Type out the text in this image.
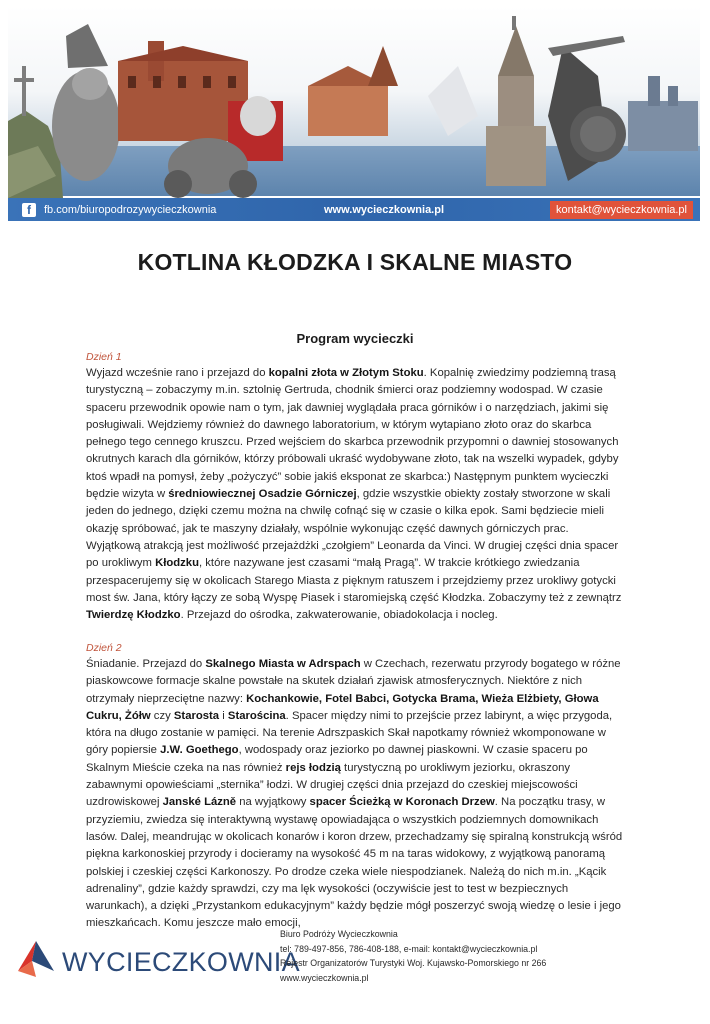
f	fb.com/biuropodrozywycieczkownia	www.wycieczkownia.pl	kontakt@wycieczkownia.pl
KOTLINA KŁODZKA I SKALNE MIASTO
Program wycieczki
Dzień 1

Wyjazd wcześnie rano i przejazd do kopalni złota w Złotym Stoku. Kopalnię zwiedzimy podziemną trasą turystyczną – zobaczymy m.in. sztolnię Gertruda, chodnik śmierci oraz podziemny wodospad. W czasie spaceru przewodnik opowie nam o tym, jak dawniej wyglądała praca górników i o narzędziach, jakimi się posługiwali. Wejdziemy również do dawnego laboratorium, w którym wytapiano złoto oraz do skarbca pełnego tego cennego kruszcu. Przed wejściem do skarbca przewodnik przypomni o dawniej stosowanych okrutnych karach dla górników, którzy próbowali ukraść wydobywane złoto, tak na wszelki wypadek, gdyby ktoś wpadł na pomysł, żeby „pożyczyć” sobie jakiś eksponat ze skarbca:) Następnym punktem wycieczki będzie wizyta w średniowiecznej Osadzie Górniczej, gdzie wszystkie obiekty zostały stworzone w skali jeden do jednego, dzięki czemu można na chwilę cofnąć się w czasie o kilka epok. Sami będziecie mieli okazję spróbować, jak te maszyny działały, wspólnie wykonując część dawnych górniczych prac. Wyjątkową atrakcją jest możliwość przejażdżki „czołgiem” Leonarda da Vinci. W drugiej części dnia spacer po urokliwym Kłodzku, które nazywane jest czasami “małą Pragą”. W trakcie krótkiego zwiedzania przespacerujemy się w okolicach Starego Miasta z pięknym ratuszem i przejdziemy przez urokliwy gotycki most św. Jana, który łączy ze sobą Wyspę Piasek i staromiejską część Kłodzka. Zobaczymy też z zewnątrz Twierdzę Kłodzko. Przejazd do ośrodka, zakwaterowanie, obiadokolacja i nocleg.

Dzień 2

Śniadanie. Przejazd do Skalnego Miasta w Adrspach w Czechach, rezerwatu przyrody bogatego w różne piaskowcowe formacje skalne powstałe na skutek działań zjawisk atmosferycznych. Niektóre z nich otrzymały nieprzeciętne nazwy: Kochankowie, Fotel Babci, Gotycka Brama, Wieża Elżbiety, Głowa Cukru, Żółw czy Starosta i Starościna. Spacer między nimi to przejście przez labirynt, a więc przygoda, która na długo zostanie w pamięci. Na terenie Adrszpaskich Skał napotkamy również wkomponowane w góry popiersie J.W. Goethego, wodospady oraz jeziorko po dawnej piaskowni. W czasie spaceru po Skalnym Mieście czeka na nas również rejs łodzią turystyczną po urokliwym jeziorku, okraszony zabawnymi opowieściami „sternika” łodzi. W drugiej części dnia przejazd do czeskiej miejscowości uzdrowiskowej Janské Lázně na wyjątkowy spacer Ścieżką w Koronach Drzew. Na początku trasy, w przyziemiu, zwiedza się interaktywną wystawę opowiadająca o wszystkich podziemnych domownikach lasów. Dalej, meandrując w okolicach konarów i koron drzew, przechadzamy się spiralną konstrukcją wśród piękna karkonoskiej przyrody i docieramy na wysokość 45 m na taras widokowy, z wyjątkową panoramą polskiej i czeskiej części Karkonoszy. Po drodze czeka wiele niespodzianek. Należą do nich m.in. „Kącik adrenaliny”, gdzie każdy sprawdzi, czy ma lęk wysokości (oczywiście jest to test w bezpiecznych warunkach), a dzięki „Przystankom edukacyjnym” każdy będzie mógł poszerzyć swoją wiedzę o lesie i jego mieszkańcach. Komu jeszcze mało emocji,

WYCIECZKOWNIA
Biuro Podróży Wycieczkownia
tel: 789-497-856, 786-408-188, e-mail: kontakt@wycieczkownia.pl
Rejestr Organizatorów Turystyki Woj. Kujawsko-Pomorskiego nr 266
www.wycieczkownia.pl
